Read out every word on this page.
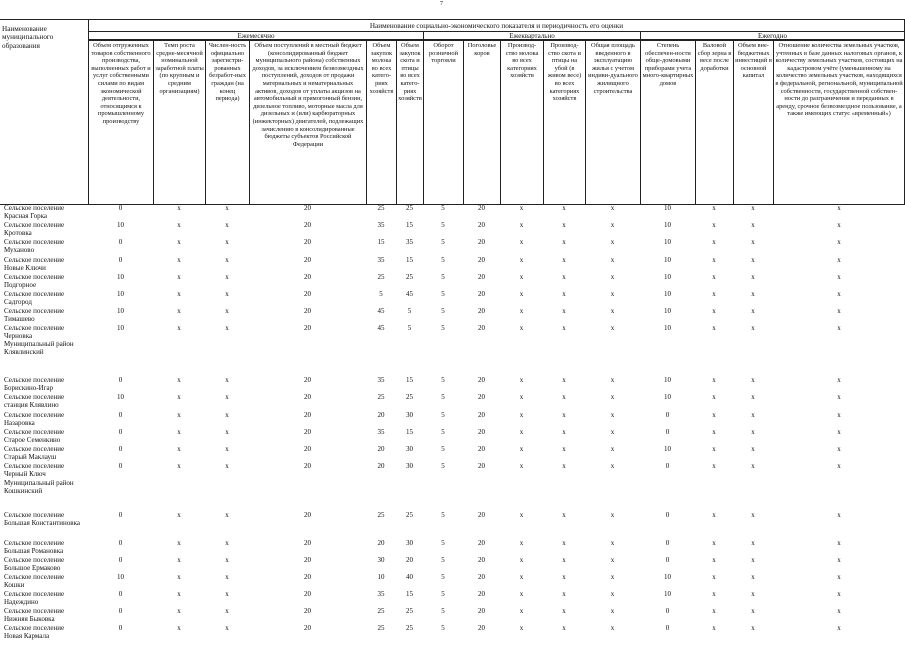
7
Наименование муниципального образования
Наименование социально-экономического показателя и периодичность его оценки
Ежемесячно	Ежеквартально	Ежегодно
Объем отгруженных товаров собственного производства, выполненных работ и услуг собственными силами по видам экономической деятельности, относящимся к промышленному производству
Темп роста средне-месячной номинальной заработной платы (по крупным и средним организациям)
Числен-ность официально зарегистри-рованных безработ-ных граждан (на конец периода)
Объем поступлений в местный бюджет (консолидированный бюджет муниципального района) собственных доходов, за исключением безвозмездных поступлений, доходов от продажи материальных и нематериальных активов, доходов от уплаты акцизов на автомобильный и прямогонный бензин, дизельное топливо, моторные масла для дизельных и (или) карбюраторных (инжекторных) двигателей, подлежащих зачислению в консолидированные бюджеты субъектов Российской Федерации
Объем закупок молока во всех катего-риях хозяйств
Объем закупок скота и птицы во всех катего-риях хозяйств
Оборот розничной торговли
Поголовье коров
Производ-ство молока во всех категориях хозяйств
Производ-ство скота и птицы на убой (в живом весе) во всех категориях хозяйств
Общая площадь введенного в эксплуатацию жилья с учетом индиви-дуального жилищного строительства
Степень обеспечен-ности обще-домовыми приборами учета много-квартирных домов
Валовой сбор зерна в весе после доработки
Объем вне-бюджетных инвестиций в основной капитал
Отношение количества земельных участков, учтенных в базе данных налоговых органов, к количеству земельных участков, состоящих на кадастровом учёте (уменьшенному на количество земельных участков, находящихся в федеральной, региональной, муниципальной собственности, государственной собствен-ности до разграничения и переданных в аренду, срочное безвозмездное пользование, а также имеющих статус «временный»)
Сельское поселение
Красная Горка
0	x	x	20	25	25	5	20	x	x	x	10	x	x	x
Сельское поселение
Кротовка
10	x	x	20	35	15	5	20	x	x	x	10	x	x	x
Сельское поселение
Муханово
0	x	x	20	15	35	5	20	x	x	x	10	x	x	x
Сельское поселение
Новые Ключи
0	x	x	20	35	15	5	20	x	x	x	10	x	x	x
Сельское поселение
Подгорное
10	x	x	20	25	25	5	20	x	x	x	10	x	x	x
Сельское поселение
Садгород
10	x	x	20	5	45	5	20	x	x	x	10	x	x	x
Сельское поселение
Тимашево
10	x	x	20	45	5	5	20	x	x	x	10	x	x	x
Сельское поселение
Черновка
10	x	x	20	45	5	5	20	x	x	x	10	x	x	x
Муниципальный район
Клявлинский
Сельское поселение
Борискино-Игар
0	x	x	20	35	15	5	20	x	x	x	10	x	x	x
Сельское поселение
станция Клявлино
10	x	x	20	25	25	5	20	x	x	x	10	x	x	x
Сельское поселение
Назаровка
0	x	x	20	20	30	5	20	x	x	x	0	x	x	x
Сельское поселение
Старое Семенкино
0	x	x	20	35	15	5	20	x	x	x	0	x	x	x
Сельское поселение
Старый Маклауш
0	x	x	20	20	30	5	20	x	x	x	10	x	x	x
Сельское поселение
Черный Ключ
0	x	x	20	20	30	5	20	x	x	x	0	x	x	x
Муниципальный район
Кошкинский
Сельское поселение
Большая Константиновка
0	x	x	20	25	25	5	20	x	x	x	0	x	x	x
Сельское поселение
Большая Романовка
0	x	x	20	20	30	5	20	x	x	x	0	x	x	x
Сельское поселение
Большое Ермаково
0	x	x	20	30	20	5	20	x	x	x	0	x	x	x
Сельское поселение
Кошки
10	x	x	20	10	40	5	20	x	x	x	10	x	x	x
Сельское поселение
Надеждино
0	x	x	20	35	15	5	20	x	x	x	10	x	x	x
Сельское поселение
Нижняя Быковка
0	x	x	20	25	25	5	20	x	x	x	0	x	x	x
Сельское поселение
Новая Кармала
0	x	x	20	25	25	5	20	x	x	x	0	x	x	x
